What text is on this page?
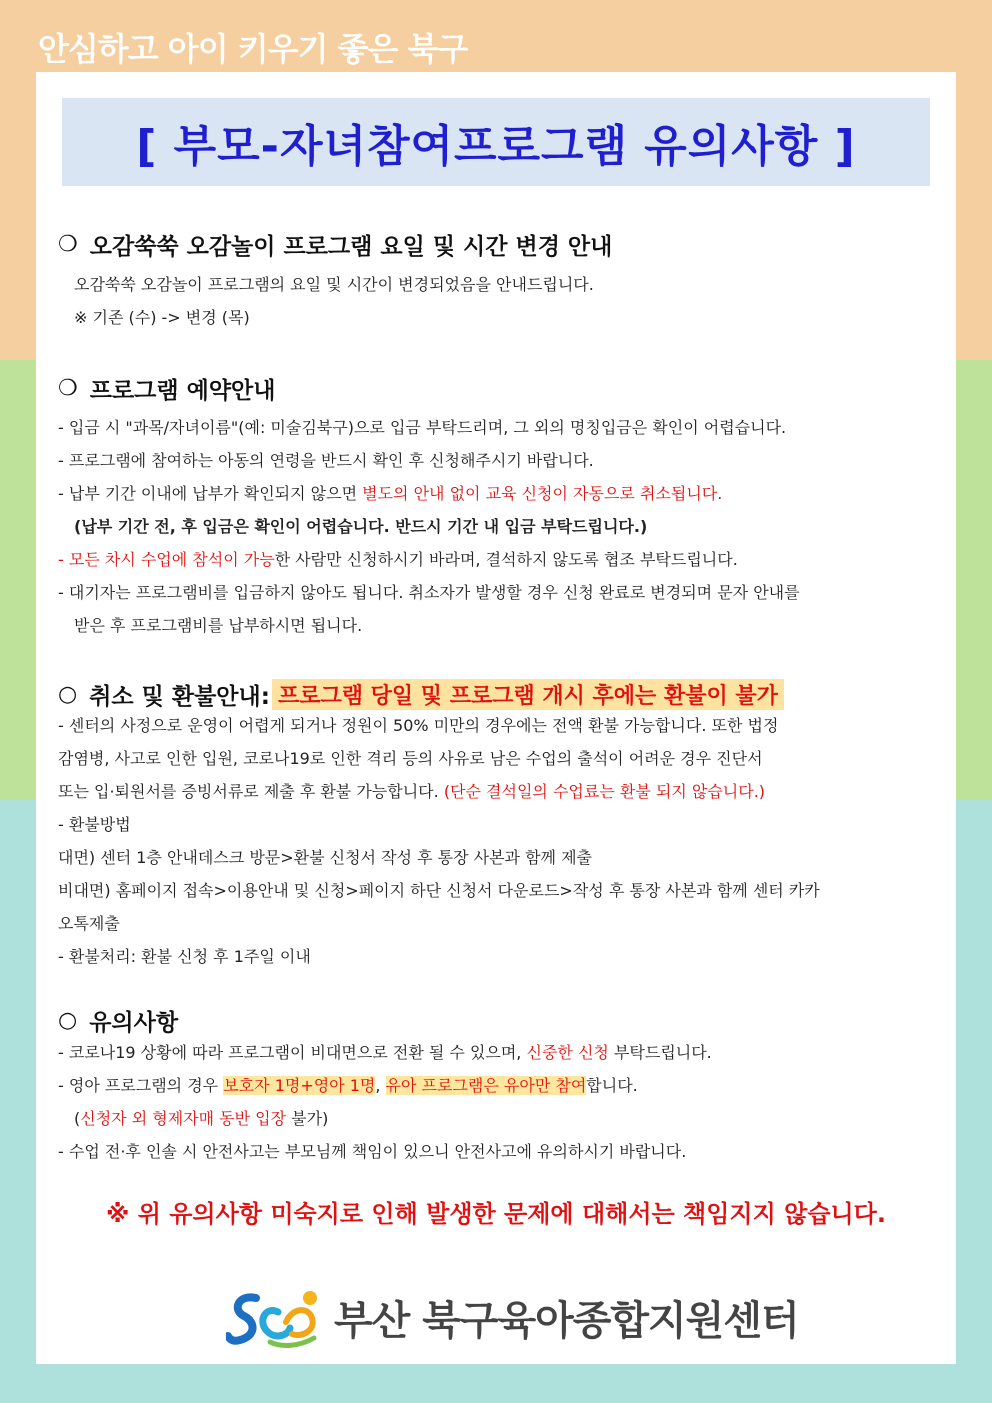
안심하고 아이 키우기 좋은 북구
[ 부모-자녀참여프로그램 유의사항 ]
❍ 오감쑥쑥 오감놀이 프로그램 요일 및 시간 변경 안내
오감쑥쑥 오감놀이 프로그램의 요일 및 시간이 변경되었음을 안내드립니다.
※ 기존 (수) -> 변경 (목)
❍ 프로그램 예약안내
- 입금 시 "과목/자녀이름"(예: 미술김북구)으로 입금 부탁드리며, 그 외의 명칭입금은 확인이 어렵습니다.
- 프로그램에 참여하는 아동의 연령을 반드시 확인 후 신청해주시기 바랍니다.
- 납부 기간 이내에 납부가 확인되지 않으면 별도의 안내 없이 교육 신청이 자동으로 취소됩니다.
(납부 기간 전, 후 입금은 확인이 어렵습니다. 반드시 기간 내 입금 부탁드립니다.)
- 모든 차시 수업에 참석이 가능한 사람만 신청하시기 바라며, 결석하지 않도록 협조 부탁드립니다.
- 대기자는 프로그램비를 입금하지 않아도 됩니다. 취소자가 발생할 경우 신청 완료로 변경되며 문자 안내를
받은 후 프로그램비를 납부하시면 됩니다.
○ 취소 및 환불안내: 프로그램 당일 및 프로그램 개시 후에는 환불이 불가
- 센터의 사정으로 운영이 어렵게 되거나 정원이 50% 미만의 경우에는 전액 환불 가능합니다. 또한 법정
감염병, 사고로 인한 입원, 코로나19로 인한 격리 등의 사유로 남은 수업의 출석이 어려운 경우 진단서
또는 입·퇴원서를 증빙서류로 제출 후 환불 가능합니다. (단순 결석일의 수업료는 환불 되지 않습니다.)
- 환불방법
대면) 센터 1층 안내데스크 방문>환불 신청서 작성 후 통장 사본과 함께 제출
비대면) 홈페이지 접속>이용안내 및 신청>페이지 하단 신청서 다운로드>작성 후 통장 사본과 함께 센터 카카
오톡제출
- 환불처리: 환불 신청 후 1주일 이내
○ 유의사항
- 코로나19 상황에 따라 프로그램이 비대면으로 전환 될 수 있으며, 신중한 신청 부탁드립니다.
- 영아 프로그램의 경우 보호자 1명+영아 1명, 유아 프로그램은 유아만 참여합니다.
(신청자 외 형제자매 동반 입장 불가)
- 수업 전·후 인솔 시 안전사고는 부모님께 책임이 있으니 안전사고에 유의하시기 바랍니다.
※ 위 유의사항 미숙지로 인해 발생한 문제에 대해서는 책임지지 않습니다.
부산 북구육아종합지원센터
